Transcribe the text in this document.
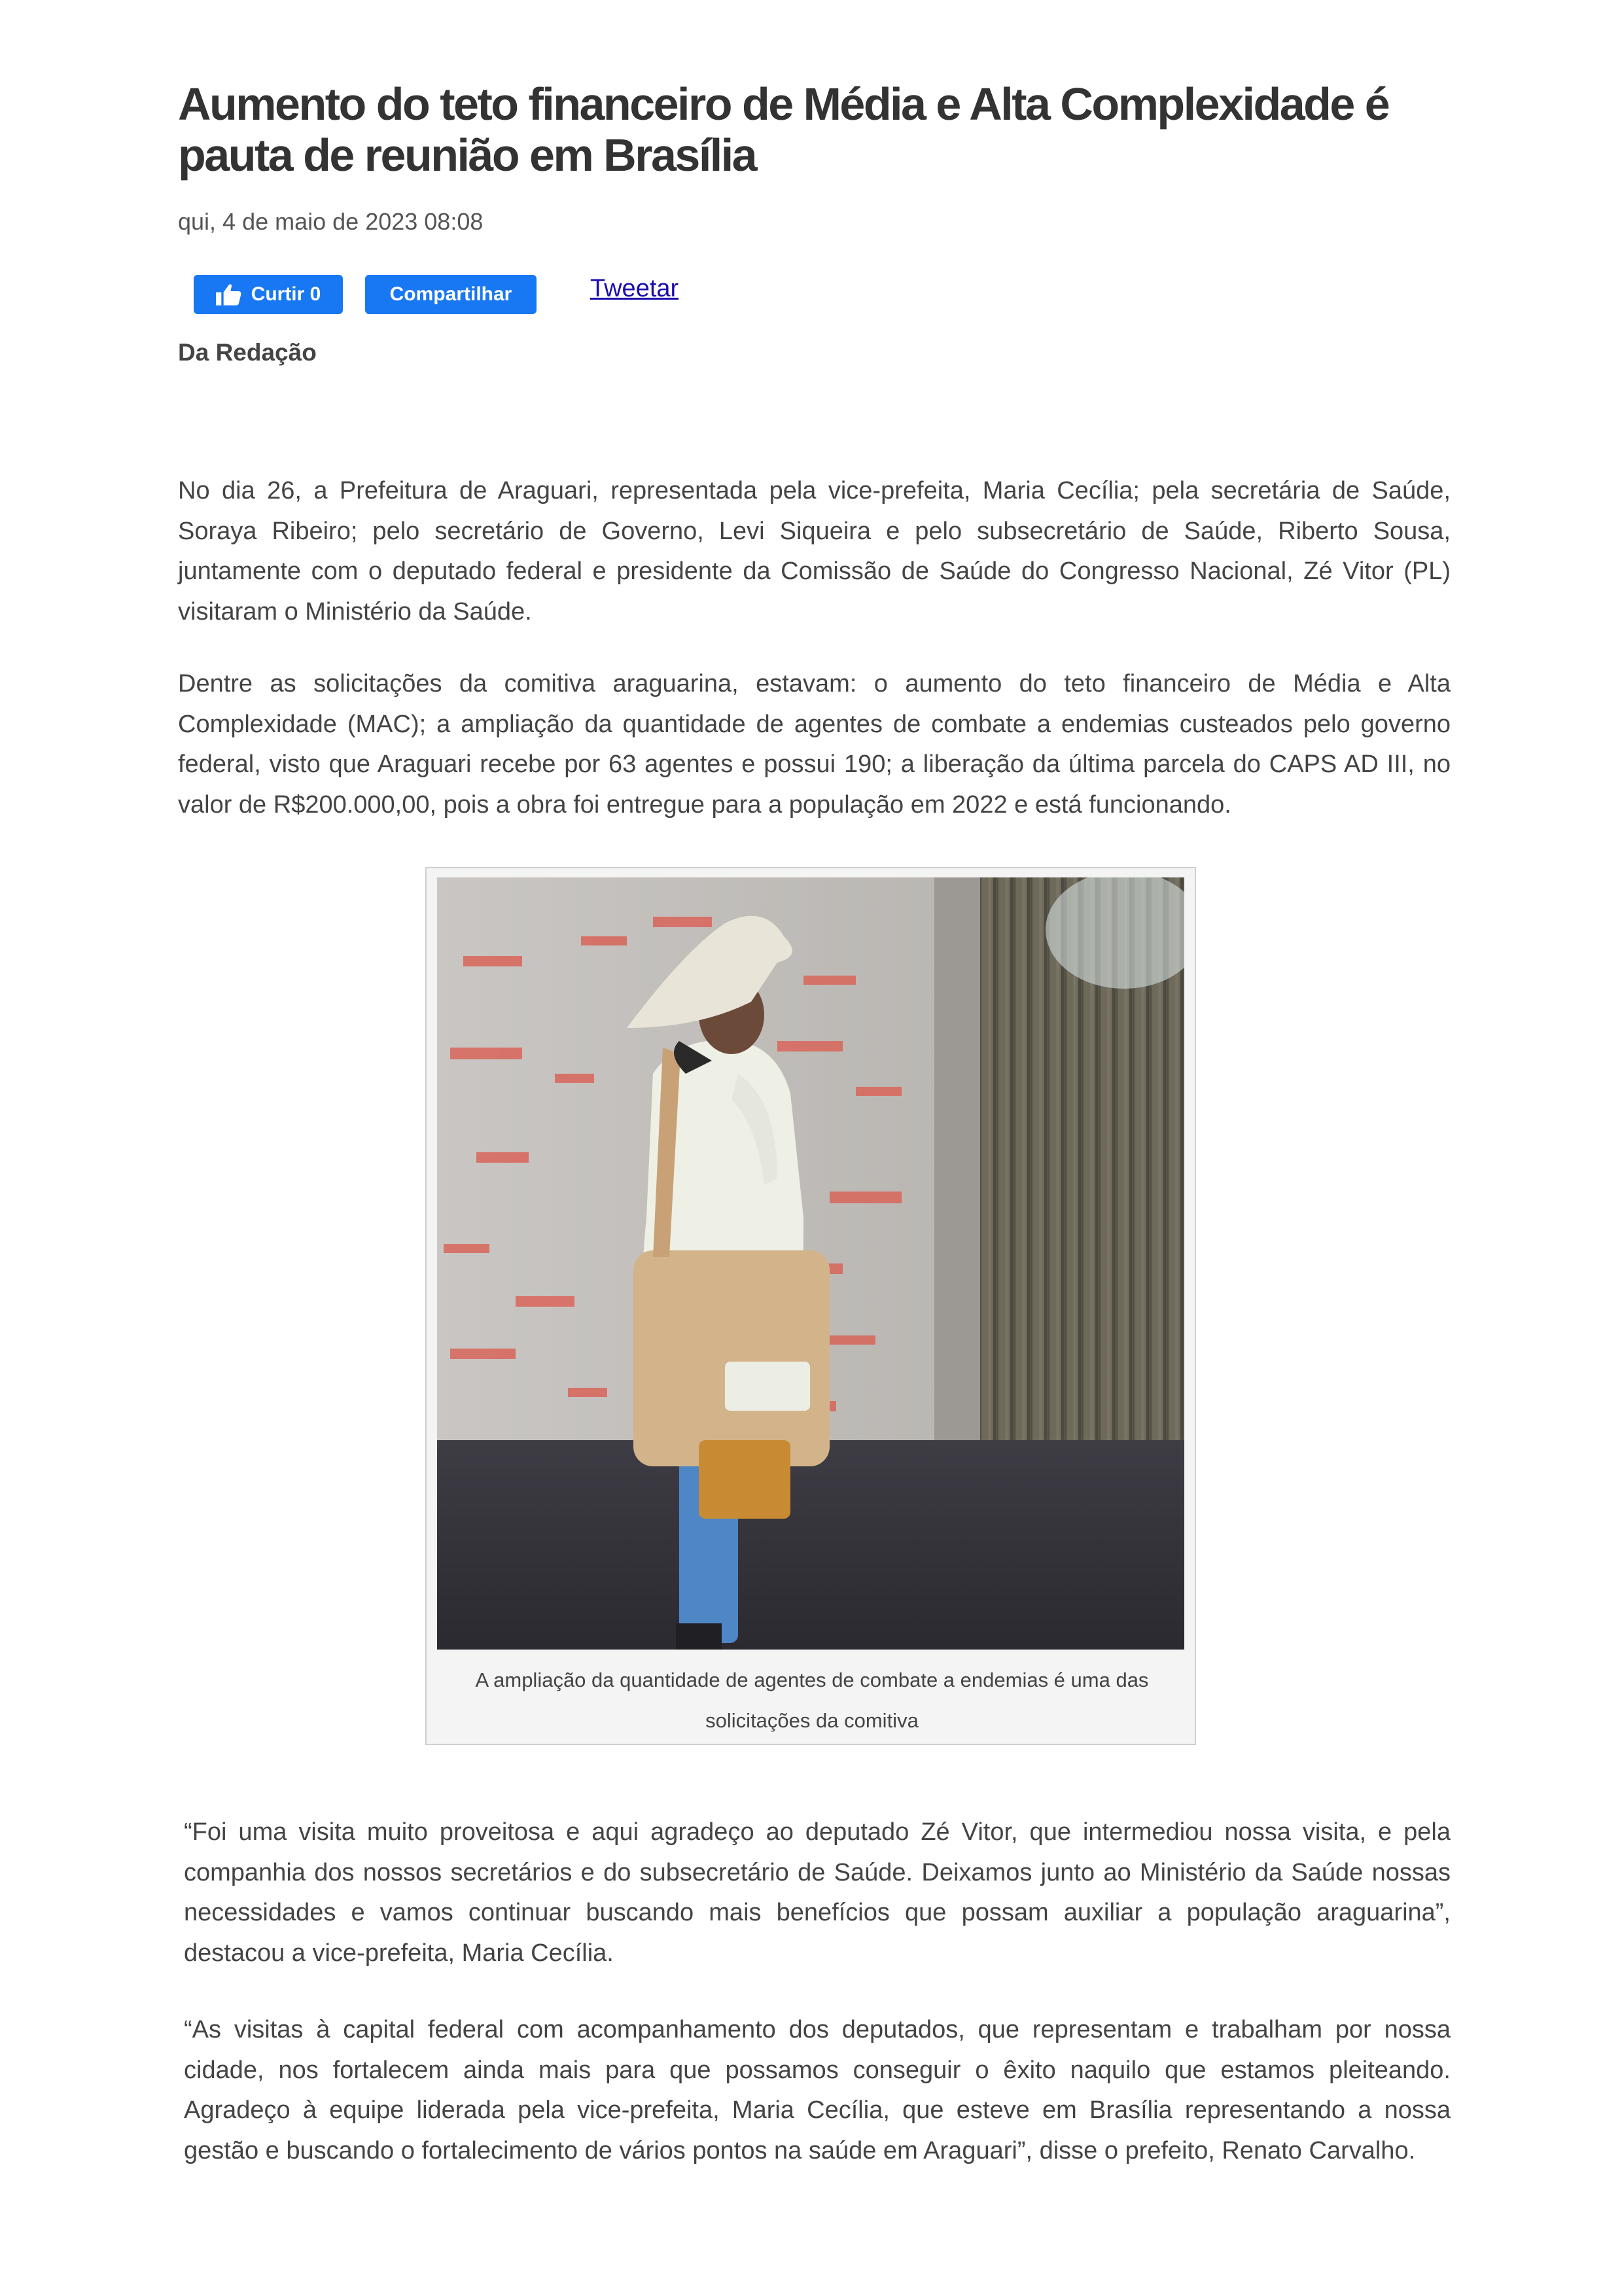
Aumento do teto financeiro de Média e Alta Complexidade é pauta de reunião em Brasília
qui, 4 de maio de 2023 08:08
Curtir 0	Compartilhar	Tweetar
Da Redação

No dia 26, a Prefeitura de Araguari, representada pela vice-prefeita, Maria Cecília; pela secretária de Saúde, Soraya Ribeiro; pelo secretário de Governo, Levi Siqueira e pelo subsecretário de Saúde, Riberto Sousa, juntamente com o deputado federal e presidente da Comissão de Saúde do Congresso Nacional, Zé Vitor (PL) visitaram o Ministério da Saúde.

Dentre as solicitações da comitiva araguarina, estavam: o aumento do teto financeiro de Média e Alta Complexidade (MAC); a ampliação da quantidade de agentes de combate a endemias custeados pelo governo federal, visto que Araguari recebe por 63 agentes e possui 190; a liberação da última parcela do CAPS AD III, no valor de R$200.000,00, pois a obra foi entregue para a população em 2022 e está funcionando.

A ampliação da quantidade de agentes de combate a endemias é uma das solicitações da comitiva

“Foi uma visita muito proveitosa e aqui agradeço ao deputado Zé Vitor, que intermediou nossa visita, e pela companhia dos nossos secretários e do subsecretário de Saúde. Deixamos junto ao Ministério da Saúde nossas necessidades e vamos continuar buscando mais benefícios que possam auxiliar a população araguarina”, destacou a vice-prefeita, Maria Cecília.

“As visitas à capital federal com acompanhamento dos deputados, que representam e trabalham por nossa cidade, nos fortalecem ainda mais para que possamos conseguir o êxito naquilo que estamos pleiteando. Agradeço à equipe liderada pela vice-prefeita, Maria Cecília, que esteve em Brasília representando a nossa gestão e buscando o fortalecimento de vários pontos na saúde em Araguari”, disse o prefeito, Renato Carvalho.
